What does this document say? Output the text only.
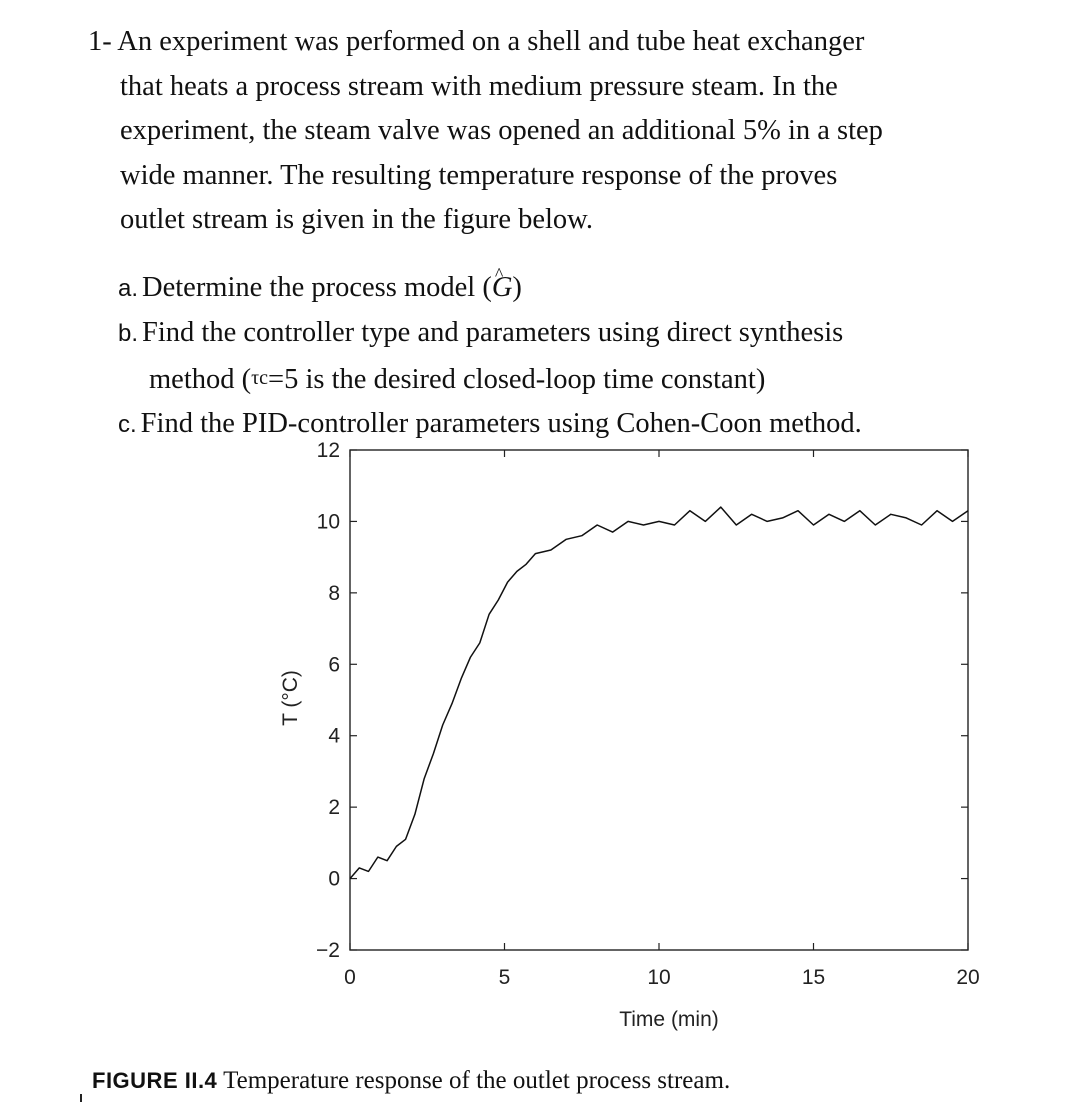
1- An experiment was performed on a shell and tube heat exchanger
that heats a process stream with medium pressure steam. In the
experiment, the steam valve was opened an additional 5% in a step
wide manner. The resulting temperature response of the proves
outlet stream is given in the figure below.
a. Determine the process model (G ^)
b. Find the controller type and parameters using direct synthesis
method (τc=5 is the desired closed-loop time constant)
c. Find the PID-controller parameters using Cohen-Coon method.
−2
0
2
4
6
8
10
12
0	5	10	15	20
Time (min)
T (°C)
FIGURE II.4 Temperature response of the outlet process stream.
